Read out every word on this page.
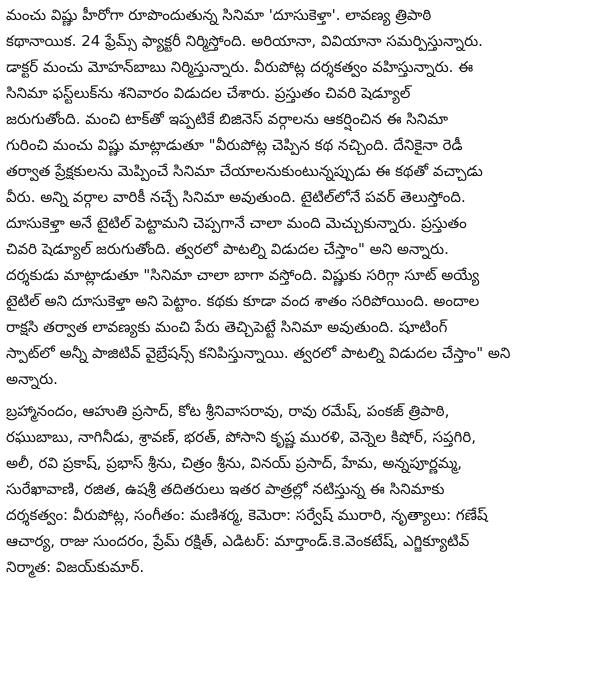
మంచు విష్ణు హీరోగా రూపొందుతున్న సినిమా 'దూసుకెళ్తా'. లావణ్య త్రిపాఠి
కథానాయిక. 24 ఫ్రేమ్స్ ఫ్యాక్టరీ నిర్మిస్తోంది. అరియానా, వివియానా సమర్పిస్తున్నారు.
డాక్టర్ మంచు మోహన్‌బాబు నిర్మిస్తున్నారు. వీరుపోట్ల దర్శకత్వం వహిస్తున్నారు. ఈ
సినిమా ఫస్ట్‌లుక్‌ను శనివారం విడుదల చేశారు. ప్రస్తుతం చివరి షెడ్యూల్
జరుగుతోంది. మంచి టాక్‌తో ఇప్పటికే బిజినెస్ వర్గాలను ఆకర్షించిన ఈ సినిమా
గురించి మంచు విష్ణు మాట్లాడుతూ "వీరుపోట్ల చెప్పిన కథ నచ్చింది. దేనికైనా రెడీ
తర్వాత ప్రేక్షకులను మెప్పించే సినిమా చేయాలనుకుంటున్నప్పుడు ఈ కథతో వచ్చాడు
వీరు. అన్ని వర్గాల వారికీ నచ్చే సినిమా అవుతుంది. టైటిల్‌లోనే పవర్ తెలుస్తోంది.
దూసుకెళ్తా అనే టైటిల్ పెట్టామని చెప్పగానే చాలా మంది మెచ్చుకున్నారు. ప్రస్తుతం
చివరి షెడ్యూల్ జరుగుతోంది. త్వరలో పాటల్ని విడుదల చేస్తాం" అని అన్నారు.
దర్శకుడు మాట్లాడుతూ "సినిమా చాలా బాగా వస్తోంది. విష్ణుకు సరిగ్గా సూట్ అయ్యే
టైటిల్ అని దూసుకెళ్తా అని పెట్టాం. కథకు కూడా వంద శాతం సరిపోయింది. అందాల
రాక్షసి తర్వాత లావణ్యకు మంచి పేరు తెచ్చిపెట్టే సినిమా అవుతుంది. షూటింగ్
స్పాట్‌లో అన్నీ పాజిటివ్ వైబ్రేషన్స్ కనిపిస్తున్నాయి. త్వరలో పాటల్ని విడుదల చేస్తాం" అని
అన్నారు.
బ్రహ్మానందం, ఆహుతి ప్రసాద్, కోట శ్రీనివాసరావు, రావు రమేష్, పంకజ్ త్రిపాఠి,
రఘుబాబు, నాగినీడు, శ్రావణ్, భరత్, పోసాని కృష్ణ మురళి, వెన్నెల కిషోర్, సప్తగిరి,
అలీ, రవి ప్రకాష్, ప్రభాస్ శ్రీను, చిత్రం శ్రీను, వినయ్ ప్రసాద్, హేమ, అన్నపూర్ణమ్మ,
సురేఖావాణి, రజిత, ఉషశ్రీ తదితరులు ఇతర పాత్రల్లో నటిస్తున్న ఈ సినిమాకు
దర్శకత్వం: వీరుపోట్ల, సంగీతం: మణిశర్మ, కెమెరా: సర్వేష్ మురారి, నృత్యాలు: గణేష్
ఆచార్య, రాజు సుందరం, ప్రేమ్ రక్షిత్, ఎడిటర్: మార్తాండ్.కె.వెంకటేష్, ఎగ్జిక్యూటివ్
నిర్మాత: విజయ్‌కుమార్.
